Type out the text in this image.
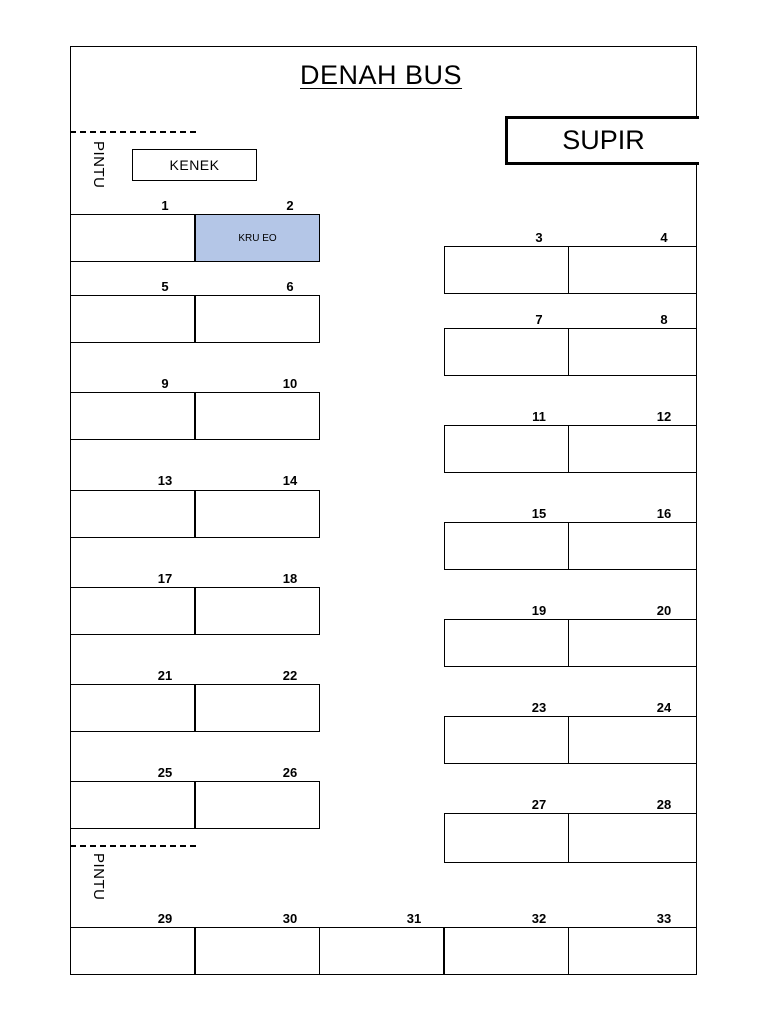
DENAH BUS
SUPIR
PINTU	KENEK
PINTU
1	2
KRU EO
5	6
9	10
13	14
17	18
21	22
25	26
3	4
7	8
11	12
15	16
19	20
23	24
27	28
29	30	31	32	33
